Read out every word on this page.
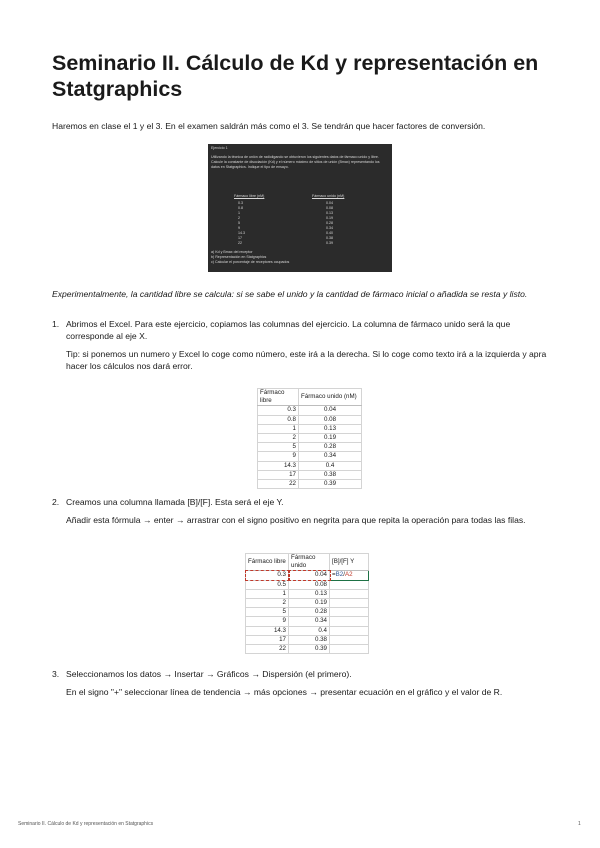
Seminario II. Cálculo de Kd y representación en Statgraphics

Haremos en clase el 1 y el 3. En el examen saldrán más como el 3. Se tendrán que hacer factores de conversión.

Ejercicio 1
Utilizando la técnica de unión de radioligando se obtuvieron los siguientes datos de fármaco unido y libre. Calcule la constante de disociación (Kd) y el número máximo de sitios de unión (Bmax) representando los datos en Statgraphics. Indique el tipo de ensayo.
Fármaco libre (nM)	Fármaco unido (nM)
0.3	0.04
0.8	0.08
1	0.13
2	0.19
5	0.28
9	0.34
14.3	0.40
17	0.38
22	0.39
a) Kd y Bmax del receptor
b) Representación en Statgraphics
c) Calcular el porcentaje de receptores ocupados

Experimentalmente, la cantidad libre se calcula: si se sabe el unido y la cantidad de fármaco inicial o añadida se resta y listo.

1. Abrimos el Excel. Para este ejercicio, copiamos las columnas del ejercicio. La columna de fármaco unido será la que corresponde al eje X.
Tip: si ponemos un numero y Excel lo coge como número, este irá a la derecha. Si lo coge como texto irá a la izquierda y apra hacer los cálculos nos dará error.
Fármaco libre	Fármaco unido (nM)
0.3	0.04
0.8	0.08
1	0.13
2	0.19
5	0.28
9	0.34
14.3	0.4
17	0.38
22	0.39
2. Creamos una columna llamada [B]/[F]. Esta será el eje Y.
Añadir esta fórmula → enter → arrastrar con el signo positivo en negrita para que repita la operación para todas las filas.
Fármaco libre	Fármaco unido	[B]/[F] Y
0.3	0.04	=B2/A2
0.5	0.08	
1	0.13	
2	0.19	
5	0.28	
9	0.34	
14.3	0.4	
17	0.38	
22	0.39	
3. Seleccionamos los datos → Insertar → Gráficos → Dispersión (el primero).
En el signo "+" seleccionar línea de tendencia → más opciones → presentar ecuación en el gráfico y el valor de R.
Seminario II. Cálculo de Kd y representación en Statgraphics	1
